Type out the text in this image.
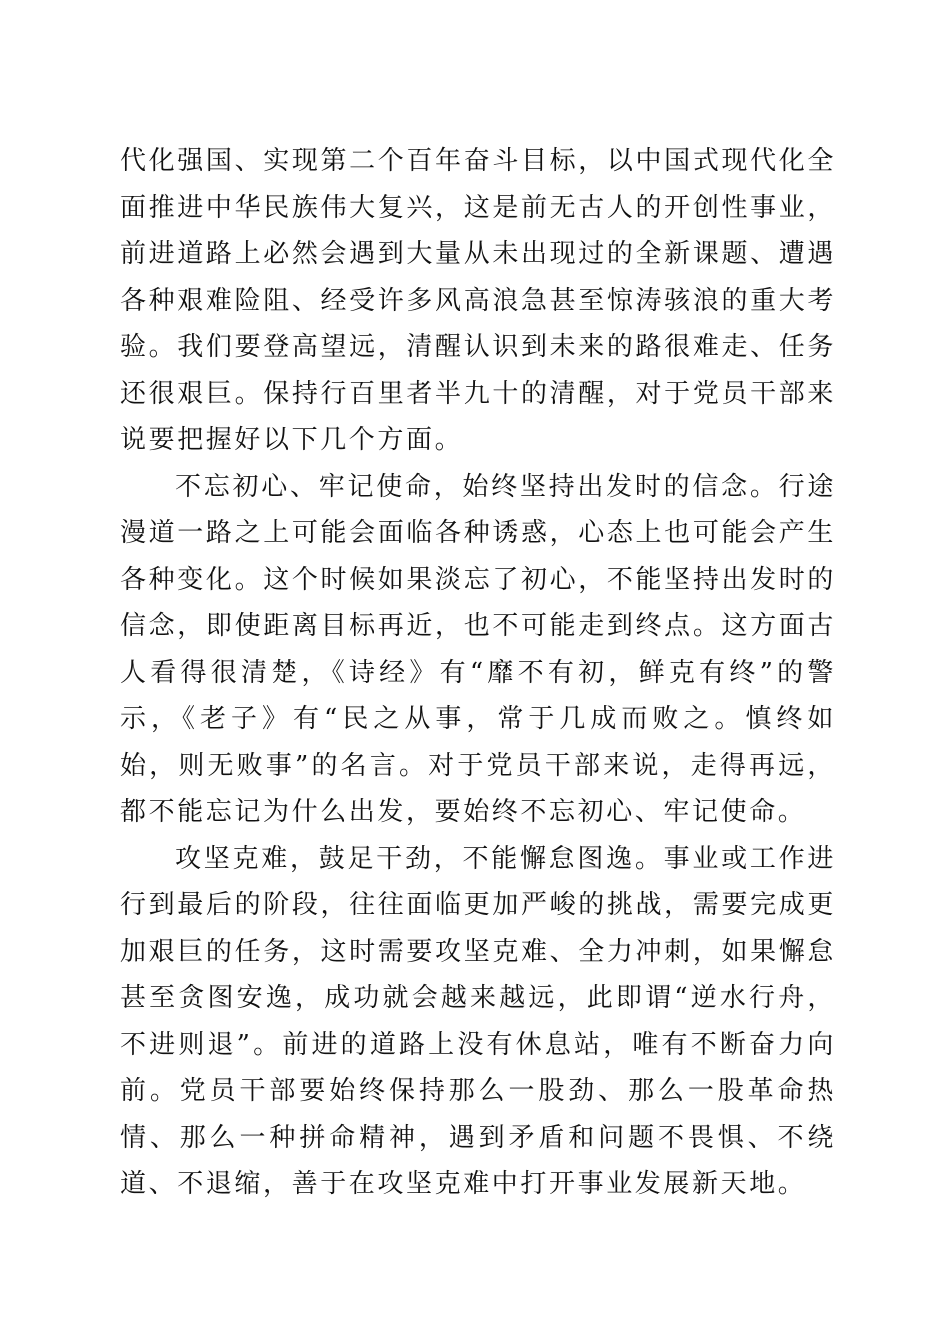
代化强国、实现第二个百年奋斗目标，以中国式现代化全面推进中华民族伟大复兴，这是前无古人的开创性事业，前进道路上必然会遇到大量从未出现过的全新课题、遭遇各种艰难险阻、经受许多风高浪急甚至惊涛骇浪的重大考验。我们要登高望远，清醒认识到未来的路很难走、任务还很艰巨。保持行百里者半九十的清醒，对于党员干部来说要把握好以下几个方面。

不忘初心、牢记使命，始终坚持出发时的信念。行途漫道一路之上可能会面临各种诱惑，心态上也可能会产生各种变化。这个时候如果淡忘了初心，不能坚持出发时的信念，即使距离目标再近，也不可能走到终点。这方面古人看得很清楚，《诗经》有“靡不有初，鲜克有终”的警示，《老子》有“民之从事，常于几成而败之。慎终如始，则无败事”的名言。对于党员干部来说，走得再远，都不能忘记为什么出发，要始终不忘初心、牢记使命。

攻坚克难，鼓足干劲，不能懈怠图逸。事业或工作进行到最后的阶段，往往面临更加严峻的挑战，需要完成更加艰巨的任务，这时需要攻坚克难、全力冲刺，如果懈怠甚至贪图安逸，成功就会越来越远，此即谓“逆水行舟，不进则退”。前进的道路上没有休息站，唯有不断奋力向前。党员干部要始终保持那么一股劲、那么一股革命热情、那么一种拼命精神，遇到矛盾和问题不畏惧、不绕道、不退缩，善于在攻坚克难中打开事业发展新天地。
